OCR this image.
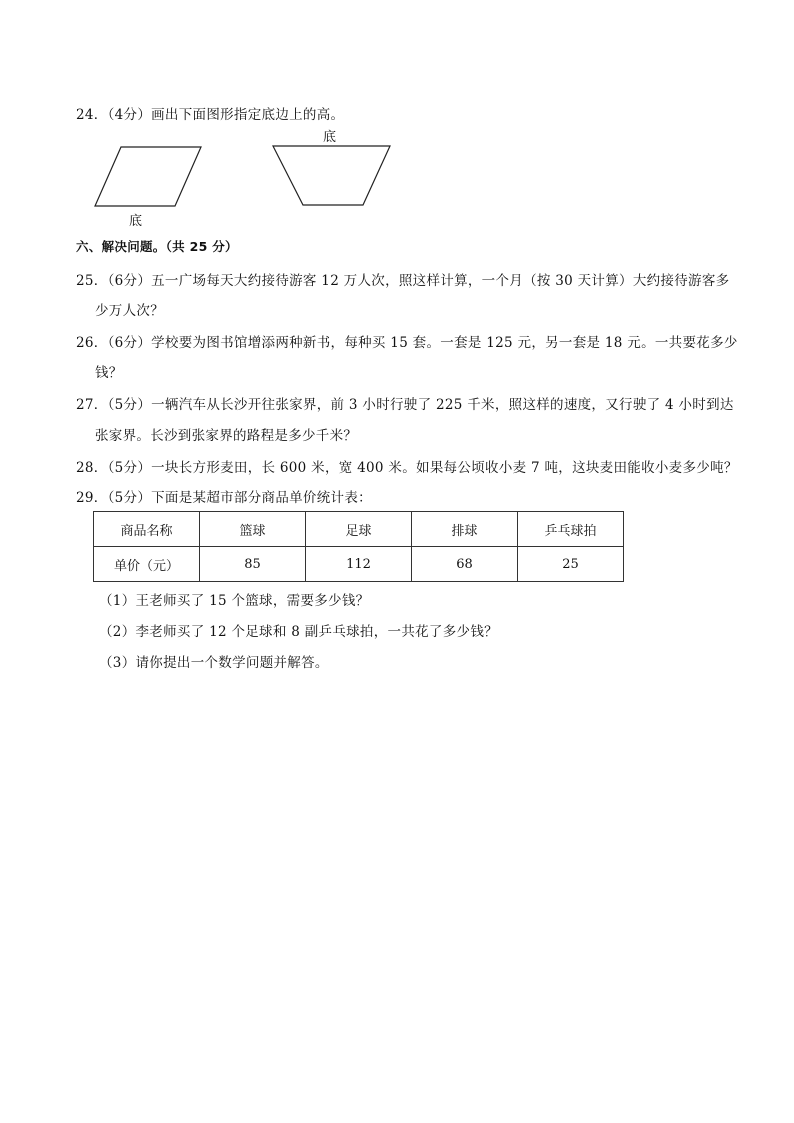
24．（4分）画出下面图形指定底边上的高。
底
底
六、解决问题。（共 25 分）
25．（6分）五一广场每天大约接待游客 12 万人次，照这样计算，一个月（按 30 天计算）大约接待游客多
少万人次？
26．（6分）学校要为图书馆增添两种新书，每种买 15 套。一套是 125 元，另一套是 18 元。一共要花多少
钱？
27．（5分）一辆汽车从长沙开往张家界，前 3 小时行驶了 225 千米，照这样的速度，又行驶了 4 小时到达
张家界。长沙到张家界的路程是多少千米？
28．（5分）一块长方形麦田，长 600 米，宽 400 米。如果每公顷收小麦 7 吨，这块麦田能收小麦多少吨？
29．（5分）下面是某超市部分商品单价统计表：
商品名称	篮球	足球	排球	乒乓球拍
单价（元）	85	112	68	25
（1）王老师买了 15 个篮球，需要多少钱？
（2）李老师买了 12 个足球和 8 副乒乓球拍，一共花了多少钱？
（3）请你提出一个数学问题并解答。
